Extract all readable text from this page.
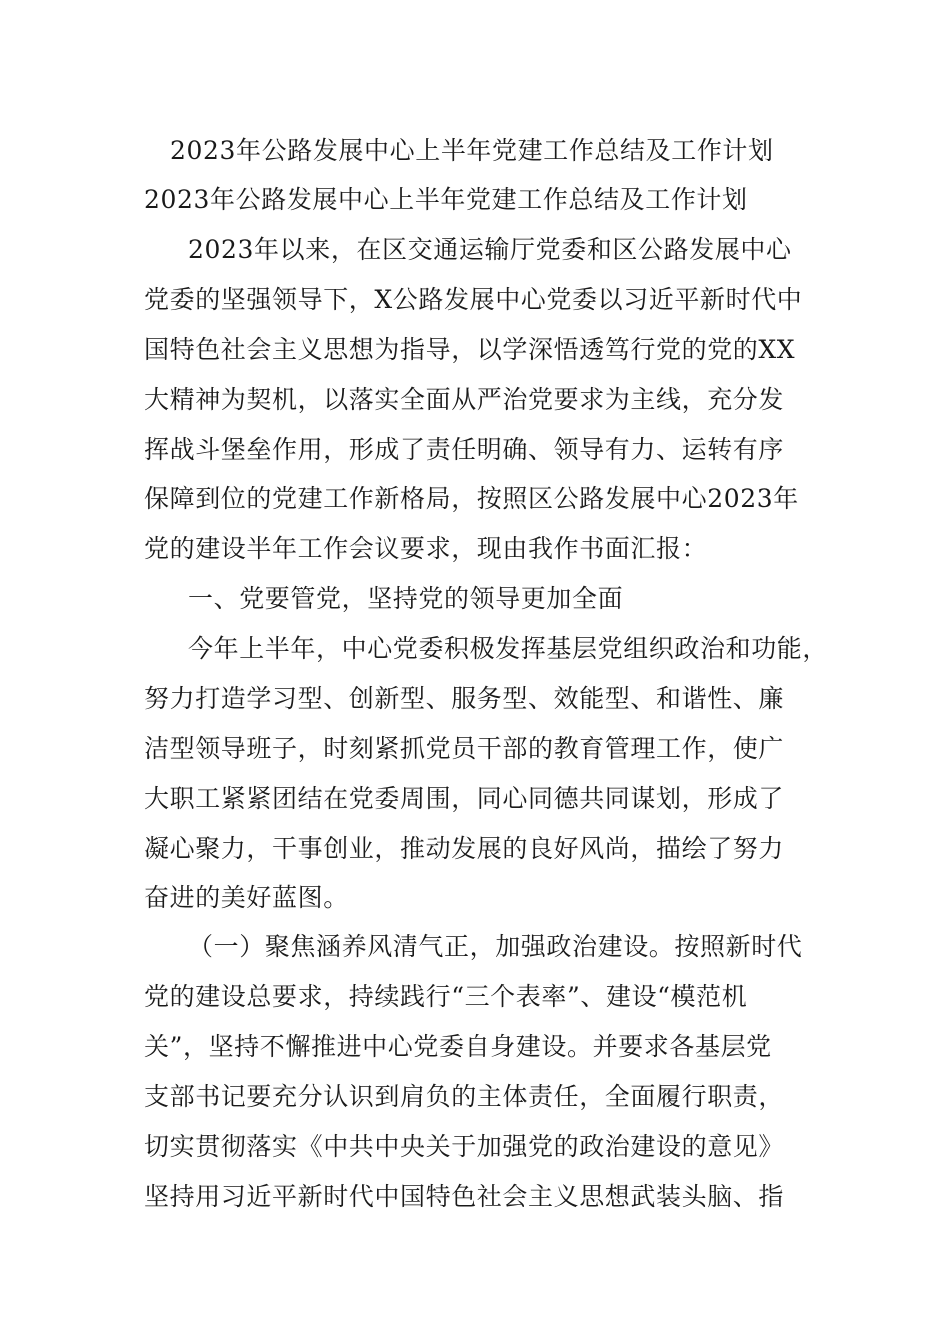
2023年公路发展中心上半年党建工作总结及工作计划
2023年公路发展中心上半年党建工作总结及工作计划
2023年以来，在区交通运输厅党委和区公路发展中心
党委的坚强领导下，X公路发展中心党委以习近平新时代中
国特色社会主义思想为指导，以学深悟透笃行党的党的XX
大精神为契机，以落实全面从严治党要求为主线，充分发
挥战斗堡垒作用，形成了责任明确、领导有力、运转有序
保障到位的党建工作新格局，按照区公路发展中心2023年
党的建设半年工作会议要求，现由我作书面汇报：
一、党要管党，坚持党的领导更加全面
今年上半年，中心党委积极发挥基层党组织政治和功能，
努力打造学习型、创新型、服务型、效能型、和谐性、廉
洁型领导班子，时刻紧抓党员干部的教育管理工作，使广
大职工紧紧团结在党委周围，同心同德共同谋划，形成了
凝心聚力，干事创业，推动发展的良好风尚，描绘了努力
奋进的美好蓝图。
（一）聚焦涵养风清气正，加强政治建设。按照新时代
党的建设总要求，持续践行“三个表率”、建设“模范机
关”，坚持不懈推进中心党委自身建设。并要求各基层党
支部书记要充分认识到肩负的主体责任，全面履行职责，
切实贯彻落实《中共中央关于加强党的政治建设的意见》
坚持用习近平新时代中国特色社会主义思想武装头脑、指
